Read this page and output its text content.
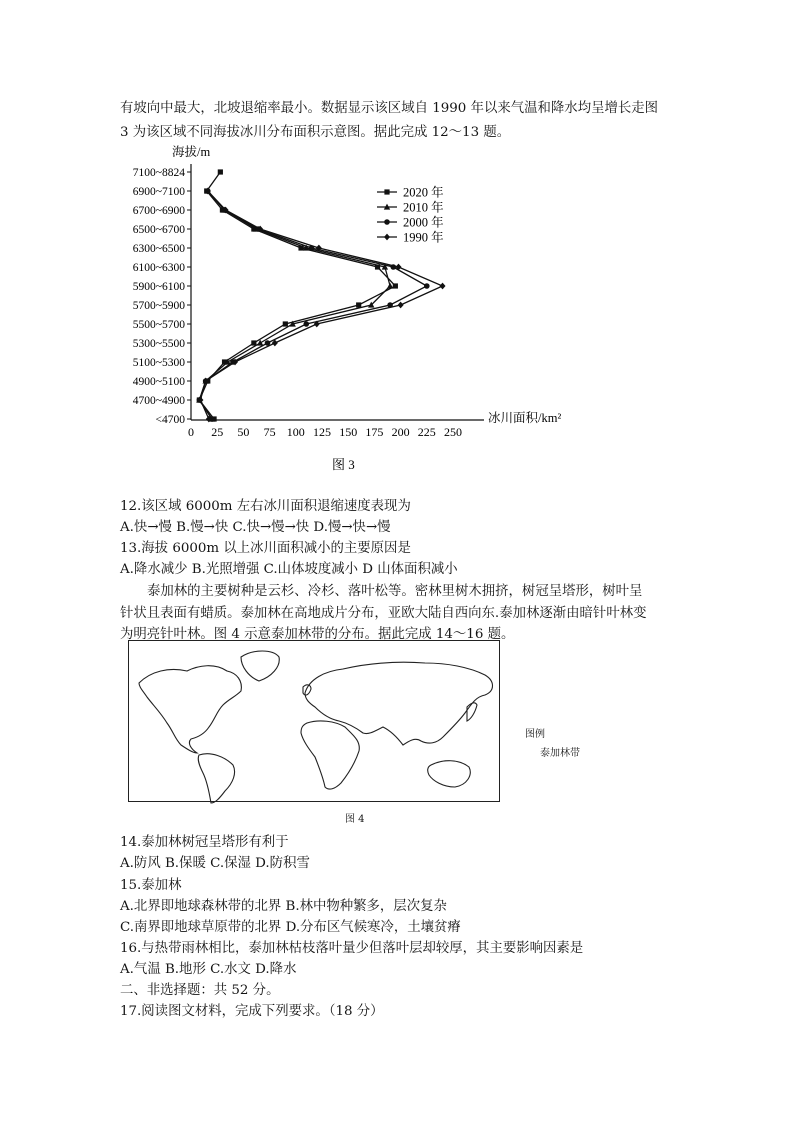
有坡向中最大，北坡退缩率最小。数据显示该区域自 1990 年以来气温和降水均呈增长走图
3 为该区域不同海拔冰川分布面积示意图。据此完成 12～13 题。
海拔/m
冰川面积/km²
<4700
4700~4900
4900~5100
5100~5300
5300~5500
5500~5700
5700~5900
5900~6100
6100~6300
6300~6500
6500~6700
6700~6900
6900~7100
7100~8824
0 25 50 75 100 125 150 175 200 225 250
2020 年
2010 年
2000 年
1990 年
图 3
12.该区域 6000m 左右冰川面积退缩速度表现为
A.快→慢 B.慢→快 C.快→慢→快 D.慢→快→慢
13.海拔 6000m 以上冰川面积减小的主要原因是
A.降水减少 B.光照增强 C.山体坡度减小 D 山体面积减小
泰加林的主要树种是云杉、冷杉、落叶松等。密林里树木拥挤，树冠呈塔形，树叶呈
针状且表面有蜡质。泰加林在高地成片分布，亚欧大陆自西向东.泰加林逐渐由暗针叶林变
为明亮针叶林。图 4 示意泰加林带的分布。据此完成 14～16 题。
图例
泰加林带
图 4
14.泰加林树冠呈塔形有利于
A.防风 B.保暖 C.保湿 D.防积雪
15.泰加林
A.北界即地球森林带的北界 B.林中物种繁多，层次复杂
C.南界即地球草原带的北界 D.分布区气候寒冷，土壤贫瘠
16.与热带雨林相比，泰加林枯枝落叶量少但落叶层却较厚，其主要影响因素是
A.气温 B.地形 C.水文 D.降水
二、非选择题：共 52 分。
17.阅读图文材料，完成下列要求。（18 分）
